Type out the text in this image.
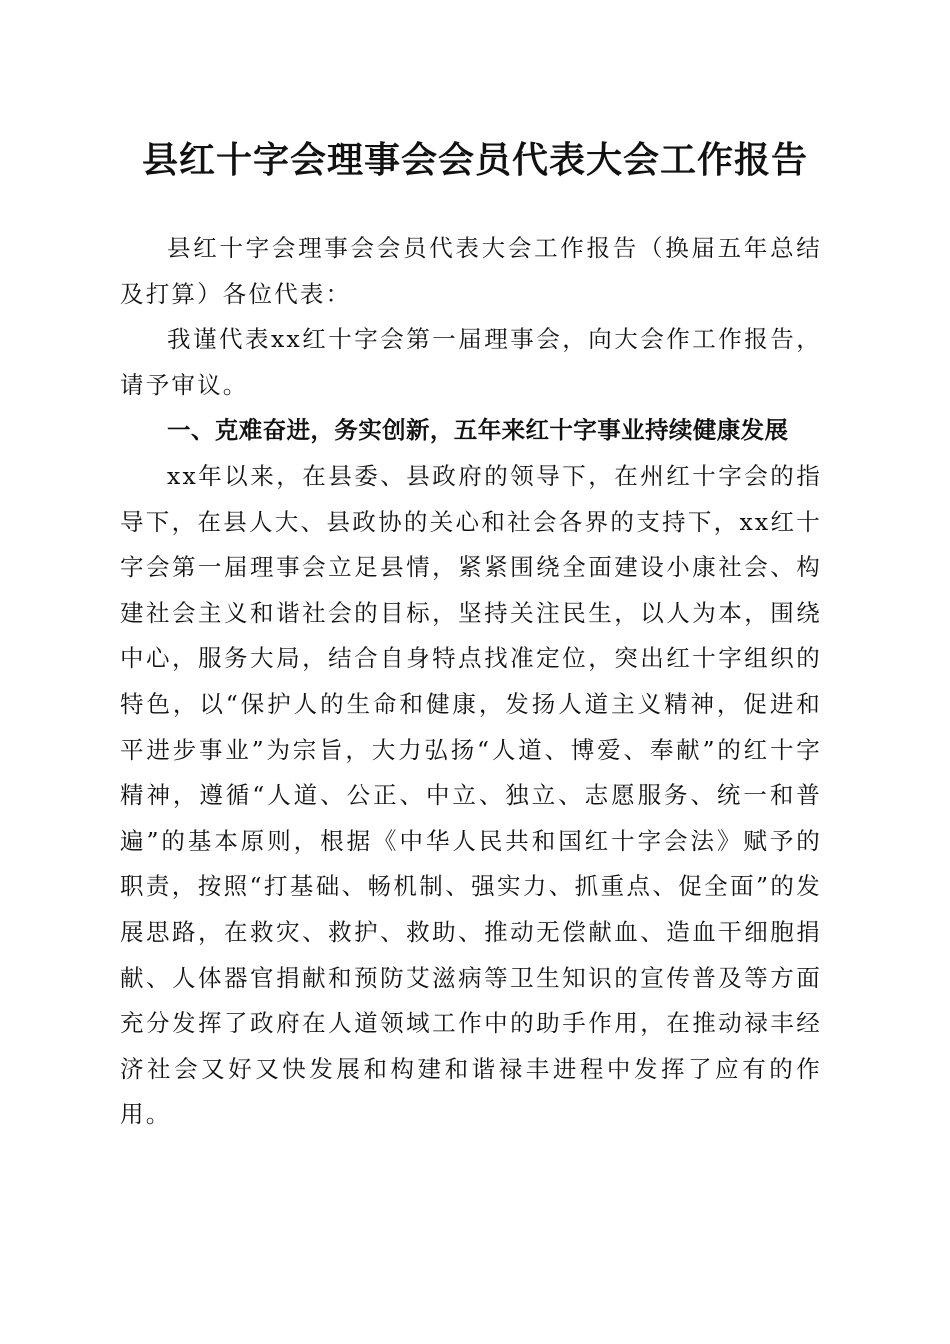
县红十字会理事会会员代表大会工作报告

县红十字会理事会会员代表大会工作报告（换届五年总结及打算）各位代表：

我谨代表xx红十字会第一届理事会，向大会作工作报告，请予审议。

一、克难奋进，务实创新，五年来红十字事业持续健康发展

xx年以来，在县委、县政府的领导下，在州红十字会的指导下，在县人大、县政协的关心和社会各界的支持下，xx红十字会第一届理事会立足县情，紧紧围绕全面建设小康社会、构建社会主义和谐社会的目标，坚持关注民生，以人为本，围绕中心，服务大局，结合自身特点找准定位，突出红十字组织的特色，以“保护人的生命和健康，发扬人道主义精神，促进和平进步事业”为宗旨，大力弘扬“人道、博爱、奉献”的红十字精神，遵循“人道、公正、中立、独立、志愿服务、统一和普遍”的基本原则，根据《中华人民共和国红十字会法》赋予的职责，按照“打基础、畅机制、强实力、抓重点、促全面”的发展思路，在救灾、救护、救助、推动无偿献血、造血干细胞捐献、人体器官捐献和预防艾滋病等卫生知识的宣传普及等方面充分发挥了政府在人道领域工作中的助手作用，在推动禄丰经济社会又好又快发展和构建和谐禄丰进程中发挥了应有的作用。
